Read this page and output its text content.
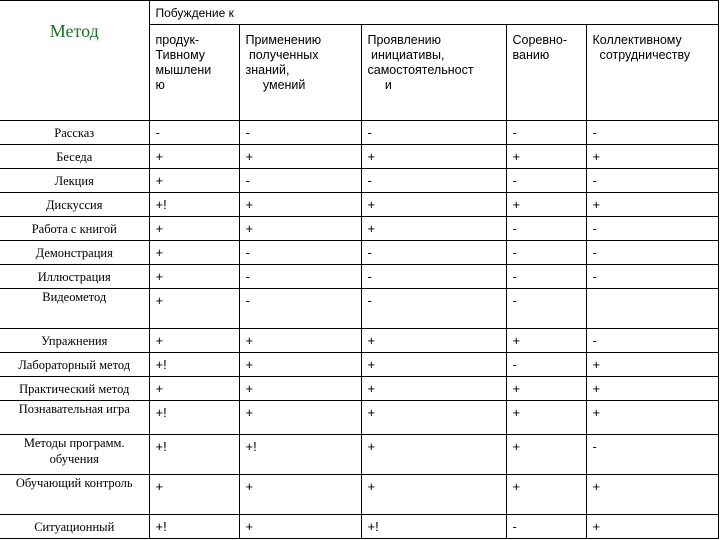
Метод	Побуждение к				

	продук-
Тивному
мышлени
ю	Применению
полученных
знаний,
умений	Проявлению
инициативы,
самостоятельност
и	Соревно-
ванию	Коллективному
сотрудничеству

Рассказ	-	-	-	-	-
Беседа	+	+	+	+	+
Лекция	+	-	-	-	-
Дискуссия	+!	+	+	+	+
Работа с книгой	+	+	+	-	-
Демонстрация	+	-	-	-	-
Иллюстрация	+	-	-	-	-
Видеометод	+	-	-	-	
Упражнения	+	+	+	+	-
Лабораторный метод	+!	+	+	-	+
Практический метод	+	+	+	+	+
Познавательная игра	+!	+	+	+	+
Методы программ. обучения	+!	+!	+	+	-
Обучающий контроль	+	+	+	+	+
Ситуационный	+!	+	+!	-	+
